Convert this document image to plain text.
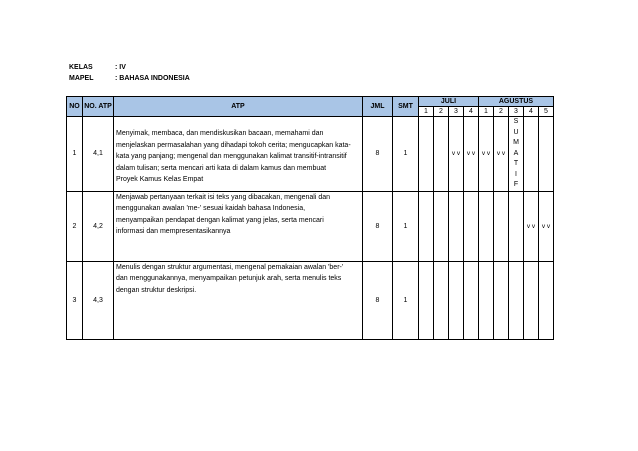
KELAS	: IV
MAPEL	: BAHASA INDONESIA
NO	NO. ATP	ATP	JML	SMT	JULI				AGUSTUS				
					1	2	3	4	1	2	3	4	5
1	4,1	Menyimak, membaca, dan mendiskusikan bacaan, memahami dan
menjelaskan permasalahan yang dihadapi tokoh cerita; mengucapkan kata-
kata yang panjang; mengenal dan menggunakan kalimat transitif-intransitif
dalam tulisan; serta mencari arti kata di dalam kamus dan membuat
Proyek Kamus Kelas Empat	8	1			v v	v v	v v	v v	SUMATIF		

2	4,2	Menjawab pertanyaan terkait isi teks yang dibacakan, mengenali dan
menggunakan awalan 'me-' sesuai kaidah bahasa Indonesia,
menyampaikan pendapat dengan kalimat yang jelas, serta mencari
informasi dan mempresentasikannya	8	1								v v	v v
3	4,3	Menulis dengan struktur argumentasi, mengenal pemakaian awalan 'ber-'
dan menggunakannya, menyampaikan petunjuk arah, serta menulis teks
dengan struktur deskripsi.	8	1									
